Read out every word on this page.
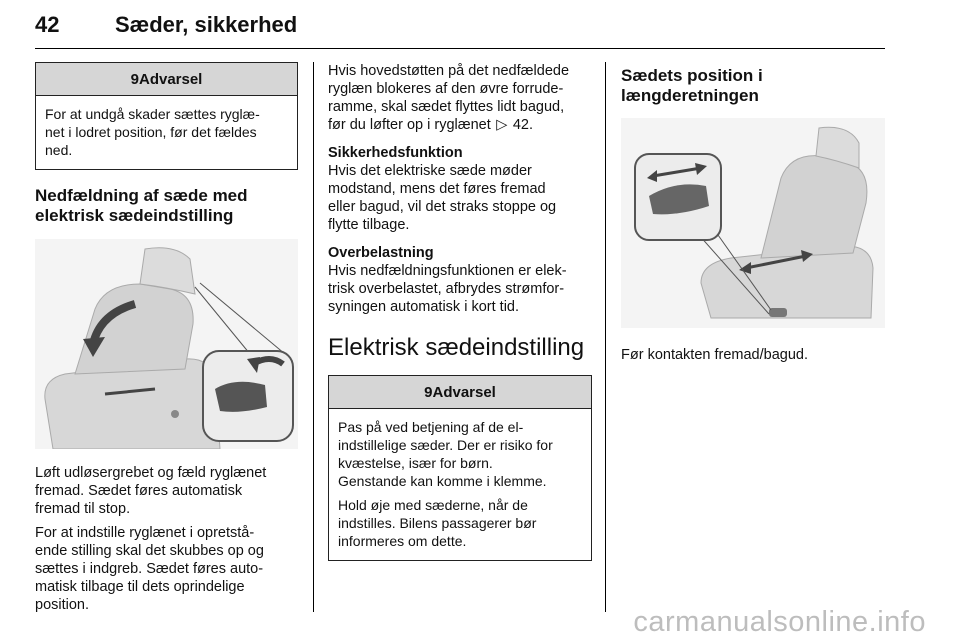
42	Sæder, sikkerhed
9Advarsel
For at undgå skader sættes ryglæ-
net i lodret position, før det fældes
ned.
Nedfældning af sæde med
elektrisk sædeindstilling

Løft udløsergrebet og fæld ryglænet
fremad. Sædet føres automatisk
fremad til stop.

For at indstille ryglænet i opretstå-
ende stilling skal det skubbes op og
sættes i indgreb. Sædet føres auto-
matisk tilbage til dets oprindelige
position.

Hvis hovedstøtten på det nedfældede
ryglæn blokeres af den øvre forrude-
ramme, skal sædet flyttes lidt bagud,
før du løfter op i ryglænet ▷ 42.

Sikkerhedsfunktion

Hvis det elektriske sæde møder
modstand, mens det føres fremad
eller bagud, vil det straks stoppe og
flytte tilbage.

Overbelastning

Hvis nedfældningsfunktionen er elek-
trisk overbelastet, afbrydes strømfor-
syningen automatisk i kort tid.

Elektrisk sædeindstilling
9Advarsel

Pas på ved betjening af de el-
indstillelige sæder. Der er risiko for
kvæstelse, især for børn.
Genstande kan komme i klemme.

Hold øje med sæderne, når de
indstilles. Bilens passagerer bør
informeres om dette.

Sædets position i
længderetningen

Før kontakten fremad/bagud.

carmanualsonline.info
